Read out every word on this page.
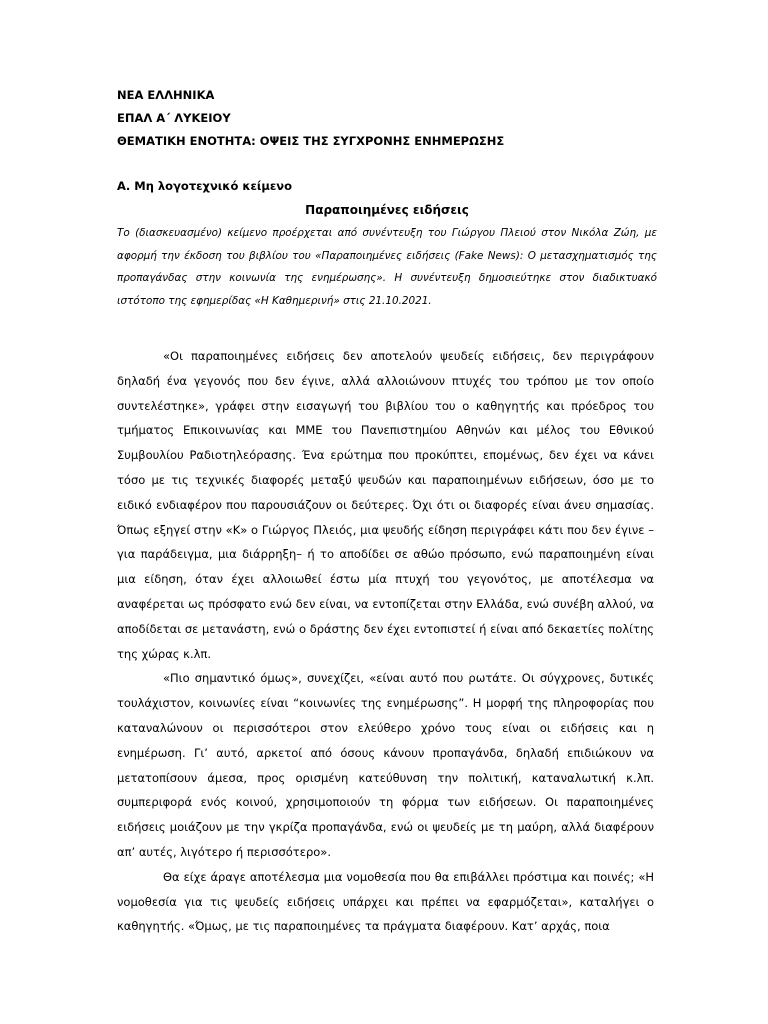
ΝΕΑ ΕΛΛΗΝΙΚΑ
ΕΠΑΛ Α΄ ΛΥΚΕΙΟΥ
ΘΕΜΑΤΙΚΗ ΕΝΟΤΗΤΑ: ΟΨΕΙΣ ΤΗΣ ΣΥΓΧΡΟΝΗΣ ΕΝΗΜΕΡΩΣΗΣ
Α. Μη λογοτεχνικό κείμενο
Παραποιημένες ειδήσεις
Το (διασκευασμένο) κείμενο προέρχεται από συνέντευξη του Γιώργου Πλειού στον Νικόλα Ζώη, με αφορμή την έκδοση του βιβλίου του «Παραποιημένες ειδήσεις (Fake News): Ο μετασχηματισμός της προπαγάνδας στην κοινωνία της ενημέρωσης». Η συνέντευξη δημοσιεύτηκε στον διαδικτυακό ιστότοπο της εφημερίδας «Η Καθημερινή» στις 21.10.2021.

«Οι παραποιημένες ειδήσεις δεν αποτελούν ψευδείς ειδήσεις, δεν περιγράφουν δηλαδή ένα γεγονός που δεν έγινε, αλλά αλλοιώνουν πτυχές του τρόπου με τον οποίο συντελέστηκε», γράφει στην εισαγωγή του βιβλίου του ο καθηγητής και πρόεδρος του τμήματος Επικοινωνίας και ΜΜΕ του Πανεπιστημίου Αθηνών και μέλος του Εθνικού Συμβουλίου Ραδιοτηλεόρασης. Ένα ερώτημα που προκύπτει, επομένως, δεν έχει να κάνει τόσο με τις τεχνικές διαφορές μεταξύ ψευδών και παραποιημένων ειδήσεων, όσο με το ειδικό ενδιαφέρον που παρουσιάζουν οι δεύτερες. Όχι ότι οι διαφορές είναι άνευ σημασίας. Όπως εξηγεί στην «Κ» ο Γιώργος Πλειός, μια ψευδής είδηση περιγράφει κάτι που δεν έγινε –για παράδειγμα, μια διάρρηξη– ή το αποδίδει σε αθώο πρόσωπο, ενώ παραποιημένη είναι μια είδηση, όταν έχει αλλοιωθεί έστω μία πτυχή του γεγονότος, με αποτέλεσμα να αναφέρεται ως πρόσφατο ενώ δεν είναι, να εντοπίζεται στην Ελλάδα, ενώ συνέβη αλλού, να αποδίδεται σε μετανάστη, ενώ ο δράστης δεν έχει εντοπιστεί ή είναι από δεκαετίες πολίτης της χώρας κ.λπ.

«Πιο σημαντικό όμως», συνεχίζει, «είναι αυτό που ρωτάτε. Οι σύγχρονες, δυτικές τουλάχιστον, κοινωνίες είναι “κοινωνίες της ενημέρωσης”. Η μορφή της πληροφορίας που καταναλώνουν οι περισσότεροι στον ελεύθερο χρόνο τους είναι οι ειδήσεις και η ενημέρωση. Γι’ αυτό, αρκετοί από όσους κάνουν προπαγάνδα, δηλαδή επιδιώκουν να μετατοπίσουν άμεσα, προς ορισμένη κατεύθυνση την πολιτική, καταναλωτική κ.λπ. συμπεριφορά ενός κοινού, χρησιμοποιούν τη φόρμα των ειδήσεων. Οι παραποιημένες ειδήσεις μοιάζουν με την γκρίζα προπαγάνδα, ενώ οι ψευδείς με τη μαύρη, αλλά διαφέρουν απ’ αυτές, λιγότερο ή περισσότερο».

Θα είχε άραγε αποτέλεσμα μια νομοθεσία που θα επιβάλλει πρόστιμα και ποινές; «Η νομοθεσία για τις ψευδείς ειδήσεις υπάρχει και πρέπει να εφαρμόζεται», καταλήγει ο καθηγητής. «Όμως, με τις παραποιημένες τα πράγματα διαφέρουν. Κατ’ αρχάς, ποια
